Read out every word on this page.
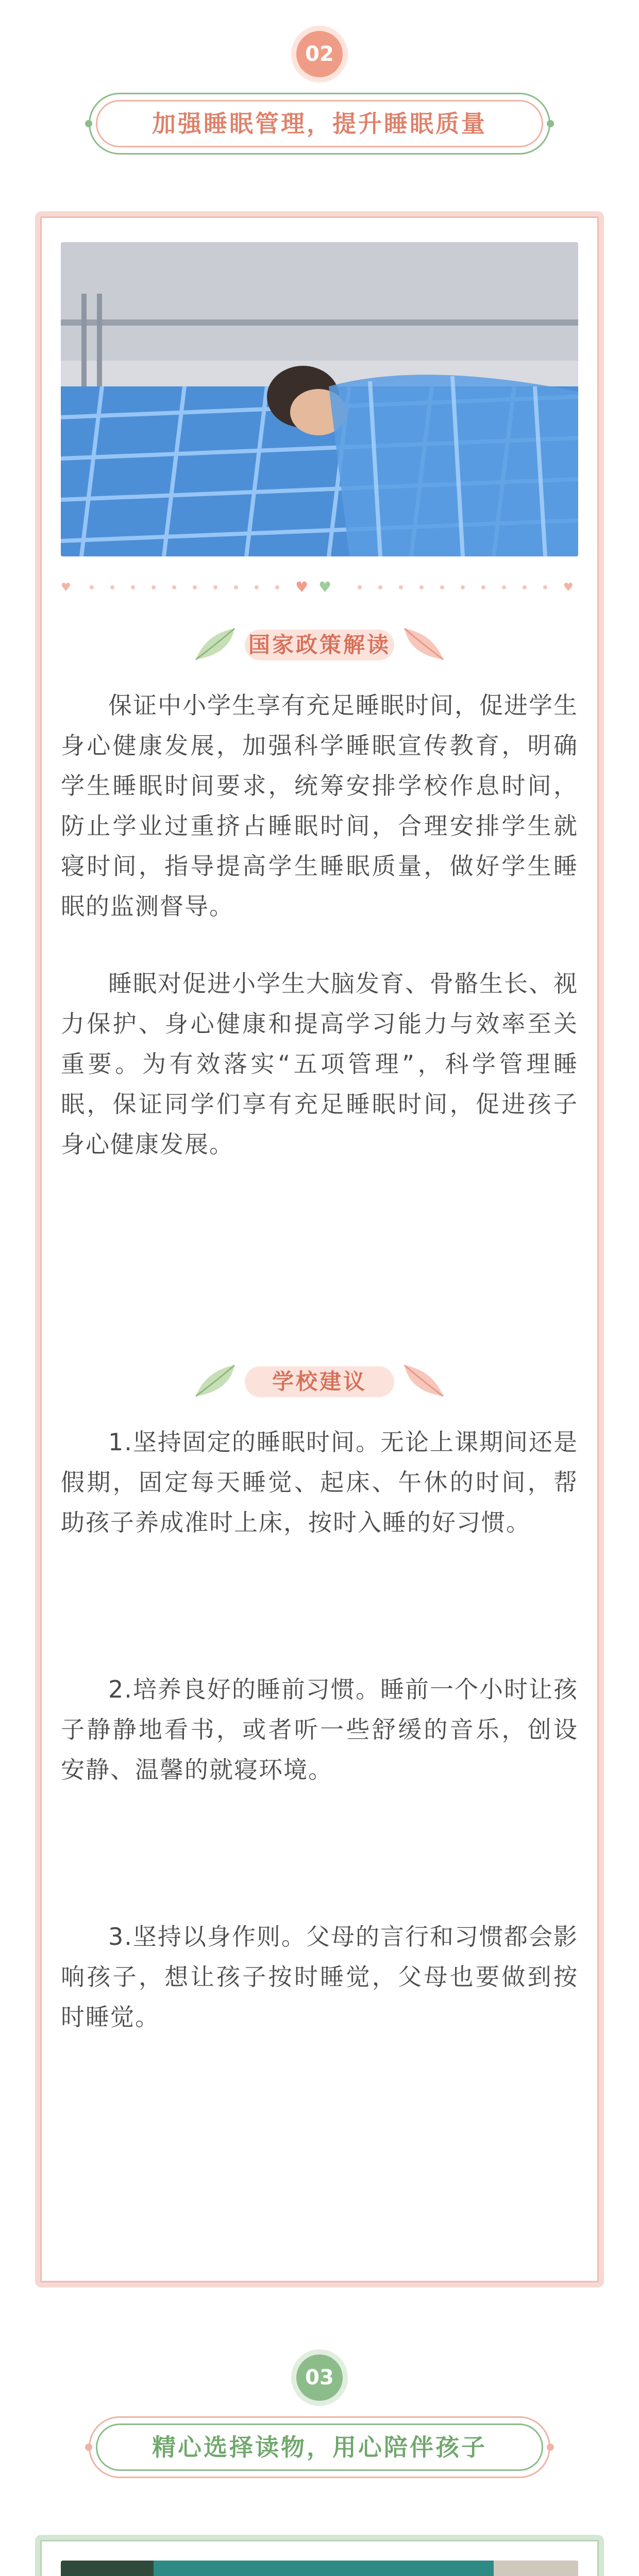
02
加强睡眠管理，提升睡眠质量
♥	♥ ♥	♥
国家政策解读

保证中小学生享有充足睡眠时间，促进学生身心健康发展，加强科学睡眠宣传教育，明确学生睡眠时间要求，统筹安排学校作息时间，防止学业过重挤占睡眠时间，合理安排学生就寝时间，指导提高学生睡眠质量，做好学生睡眠的监测督导。

睡眠对促进小学生大脑发育、骨骼生长、视力保护、身心健康和提高学习能力与效率至关重要。为有效落实“五项管理”，科学管理睡眠，保证同学们享有充足睡眠时间，促进孩子身心健康发展。

学校建议

1.坚持固定的睡眠时间。无论上课期间还是假期，固定每天睡觉、起床、午休的时间，帮助孩子养成准时上床，按时入睡的好习惯。

2.培养良好的睡前习惯。睡前一个小时让孩子静静地看书，或者听一些舒缓的音乐，创设安静、温馨的就寝环境。

3.坚持以身作则。父母的言行和习惯都会影响孩子，想让孩子按时睡觉，父母也要做到按时睡觉。

03
精心选择读物，用心陪伴孩子
